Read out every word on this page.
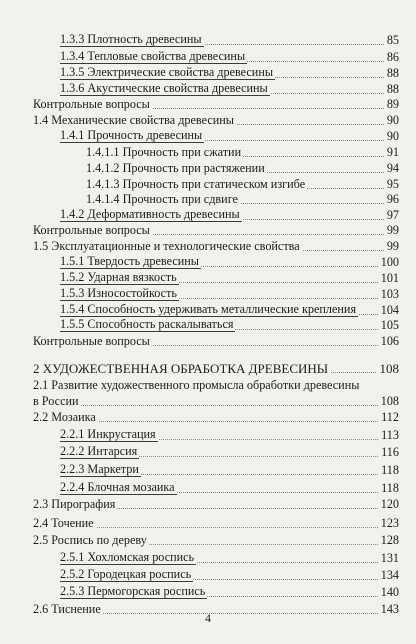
1.3.3 Плотность древесины	85
1.3.4 Тепловые свойства древесины	86
1.3.5 Электрические свойства древесины	88
1.3.6 Акустические свойства древесины	88
Контрольные вопросы	89
1.4 Механические свойства древесины	90
1.4.1 Прочность древесины	90
1.4.1.1 Прочность при сжатии	91
1.4.1.2 Прочность при растяжении	94
1.4.1.3 Прочность при статическом изгибе	95
1.4.1.4 Прочность при сдвиге	96
1.4.2 Деформативность древесины	97
Контрольные вопросы	99
1.5 Эксплуатационные и технологические свойства	99
1.5.1 Твердость древесины	100
1.5.2 Ударная вязкость	101
1.5.3 Износостойкость	103
1.5.4 Способность удерживать металлические крепления 104
1.5.5 Способность раскалываться	105
Контрольные вопросы	106
2 ХУДОЖЕСТВЕННАЯ ОБРАБОТКА ДРЕВЕСИНЫ	108
2.1 Развитие художественного промысла обработки древесины
в России	108
2.2 Мозаика	112
2.2.1 Инкрустация	113
2.2.2 Интарсия	116
2.2.3 Маркетри	118
2.2.4 Блочная мозаика	118
2.3 Пирография	120
2.4 Точение	123
2.5 Роспись по дереву	128
2.5.1 Хохломская роспись	131
2.5.2 Городецкая роспись	134
2.5.3 Пермогорская роспись	140
2.6 Тиснение	143
4
